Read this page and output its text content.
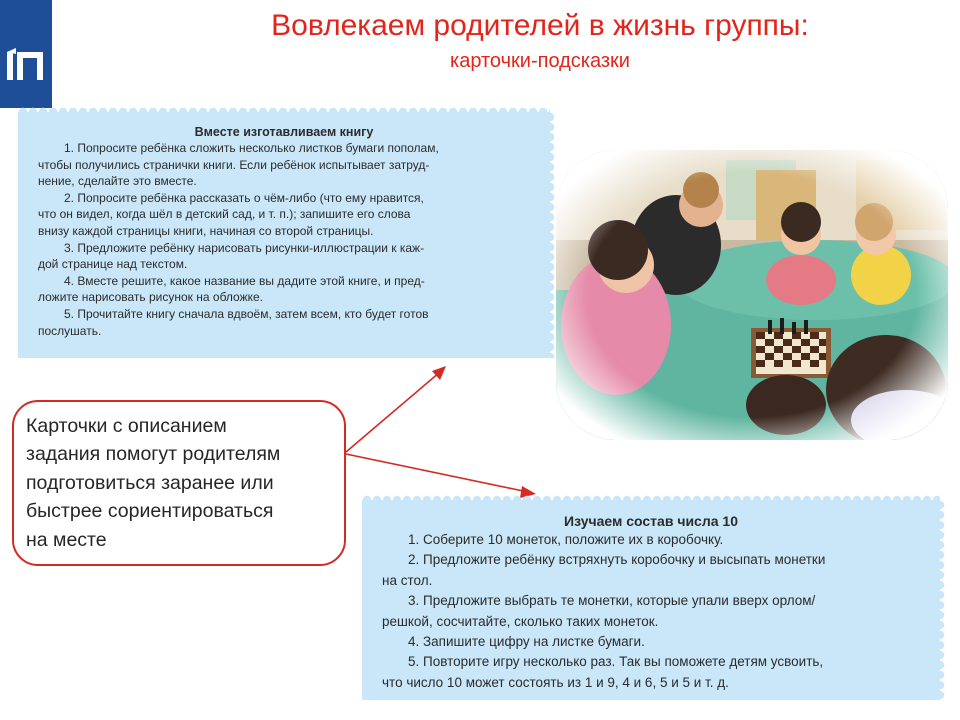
Вовлекаем родителей в жизнь группы:
карточки-подсказки
Вместе изготавливаем книгу
1. Попросите ребёнка сложить несколько листков бумаги пополам,
чтобы получились странички книги. Если ребёнок испытывает затруд-
нение, сделайте это вместе.
2. Попросите ребёнка рассказать о чём-либо (что ему нравится,
что он видел, когда шёл в детский сад, и т. п.); запишите его слова
внизу каждой страницы книги, начиная со второй страницы.
3. Предложите ребёнку нарисовать рисунки-иллюстрации к каж-
дой странице над текстом.
4. Вместе решите, какое название вы дадите этой книге, и пред-
ложите нарисовать рисунок на обложке.
5. Прочитайте книгу сначала вдвоём, затем всем, кто будет готов
послушать.
Карточки с описанием
задания помогут родителям
подготовиться заранее или
быстрее сориентироваться
на месте
Изучаем состав числа 10
1. Соберите 10 монеток, положите их в коробочку.
2. Предложите ребёнку встряхнуть коробочку и высыпать монетки
на стол.
3. Предложите выбрать те монетки, которые упали вверх орлом/
решкой, сосчитайте, сколько таких монеток.
4. Запишите цифру на листке бумаги.
5. Повторите игру несколько раз. Так вы поможете детям усвоить,
что число 10 может состоять из 1 и 9, 4 и 6, 5 и 5 и т. д.
